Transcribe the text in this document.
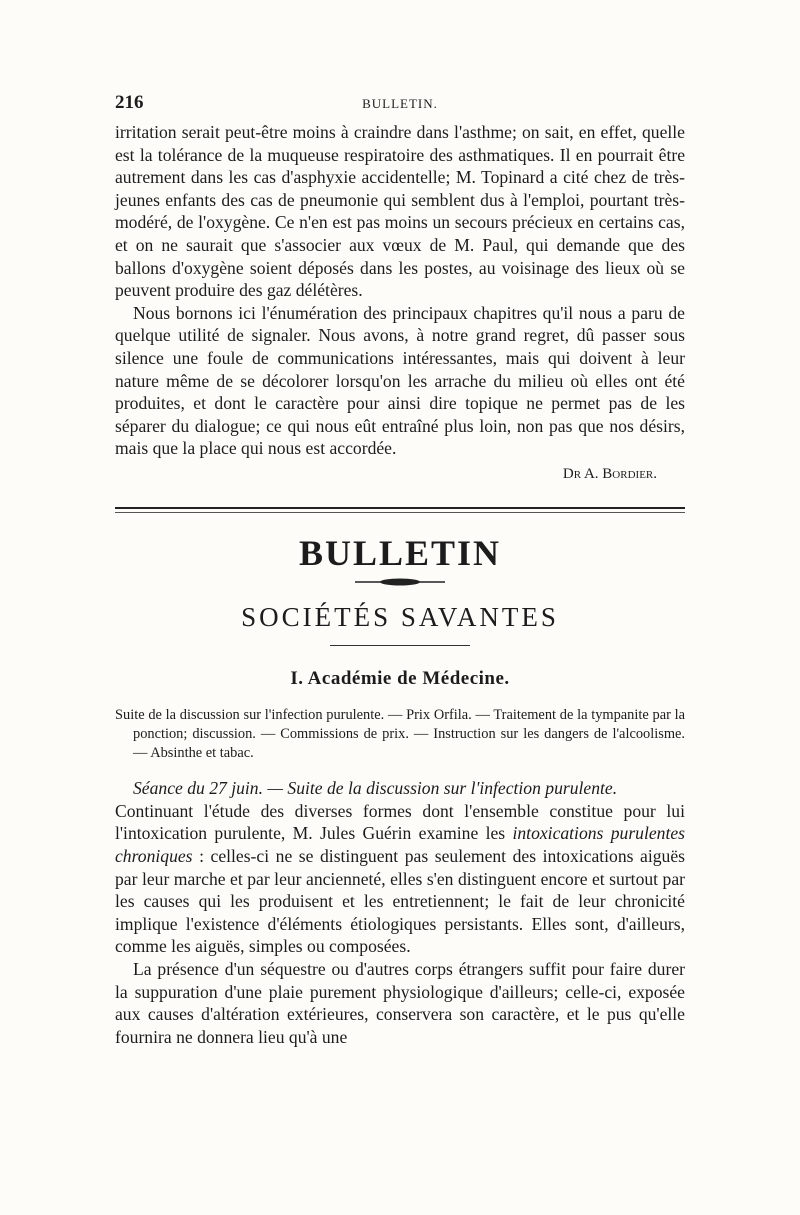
216	BULLETIN.

irritation serait peut-être moins à craindre dans l'asthme; on sait, en effet, quelle est la tolérance de la muqueuse respiratoire des asthmatiques. Il en pourrait être autrement dans les cas d'asphyxie accidentelle; M. Topinard a cité chez de très-jeunes enfants des cas de pneumonie qui semblent dus à l'emploi, pourtant très-modéré, de l'oxygène. Ce n'en est pas moins un secours précieux en certains cas, et on ne saurait que s'associer aux vœux de M. Paul, qui demande que des ballons d'oxygène soient déposés dans les postes, au voisinage des lieux où se peuvent produire des gaz délétères.

Nous bornons ici l'énumération des principaux chapitres qu'il nous a paru de quelque utilité de signaler. Nous avons, à notre grand regret, dû passer sous silence une foule de communications intéressantes, mais qui doivent à leur nature même de se décolorer lorsqu'on les arrache du milieu où elles ont été produites, et dont le caractère pour ainsi dire topique ne permet pas de les séparer du dialogue; ce qui nous eût entraîné plus loin, non pas que nos désirs, mais que la place qui nous est accordée.

Dr A. Bordier.
BULLETIN
SOCIÉTÉS SAVANTES
I. Académie de Médecine.

Suite de la discussion sur l'infection purulente. — Prix Orfila. — Traitement de la tympanite par la ponction; discussion. — Commissions de prix. — Instruction sur les dangers de l'alcoolisme. — Absinthe et tabac.

Séance du 27 juin. — Suite de la discussion sur l'infection purulente.

Continuant l'étude des diverses formes dont l'ensemble constitue pour lui l'intoxication purulente, M. Jules Guérin examine les intoxications purulentes chroniques : celles-ci ne se distinguent pas seulement des intoxications aiguës par leur marche et par leur ancienneté, elles s'en distinguent encore et surtout par les causes qui les produisent et les entretiennent; le fait de leur chronicité implique l'existence d'éléments étiologiques persistants. Elles sont, d'ailleurs, comme les aiguës, simples ou composées.

La présence d'un séquestre ou d'autres corps étrangers suffit pour faire durer la suppuration d'une plaie purement physiologique d'ailleurs; celle-ci, exposée aux causes d'altération extérieures, conservera son caractère, et le pus qu'elle fournira ne donnera lieu qu'à une
